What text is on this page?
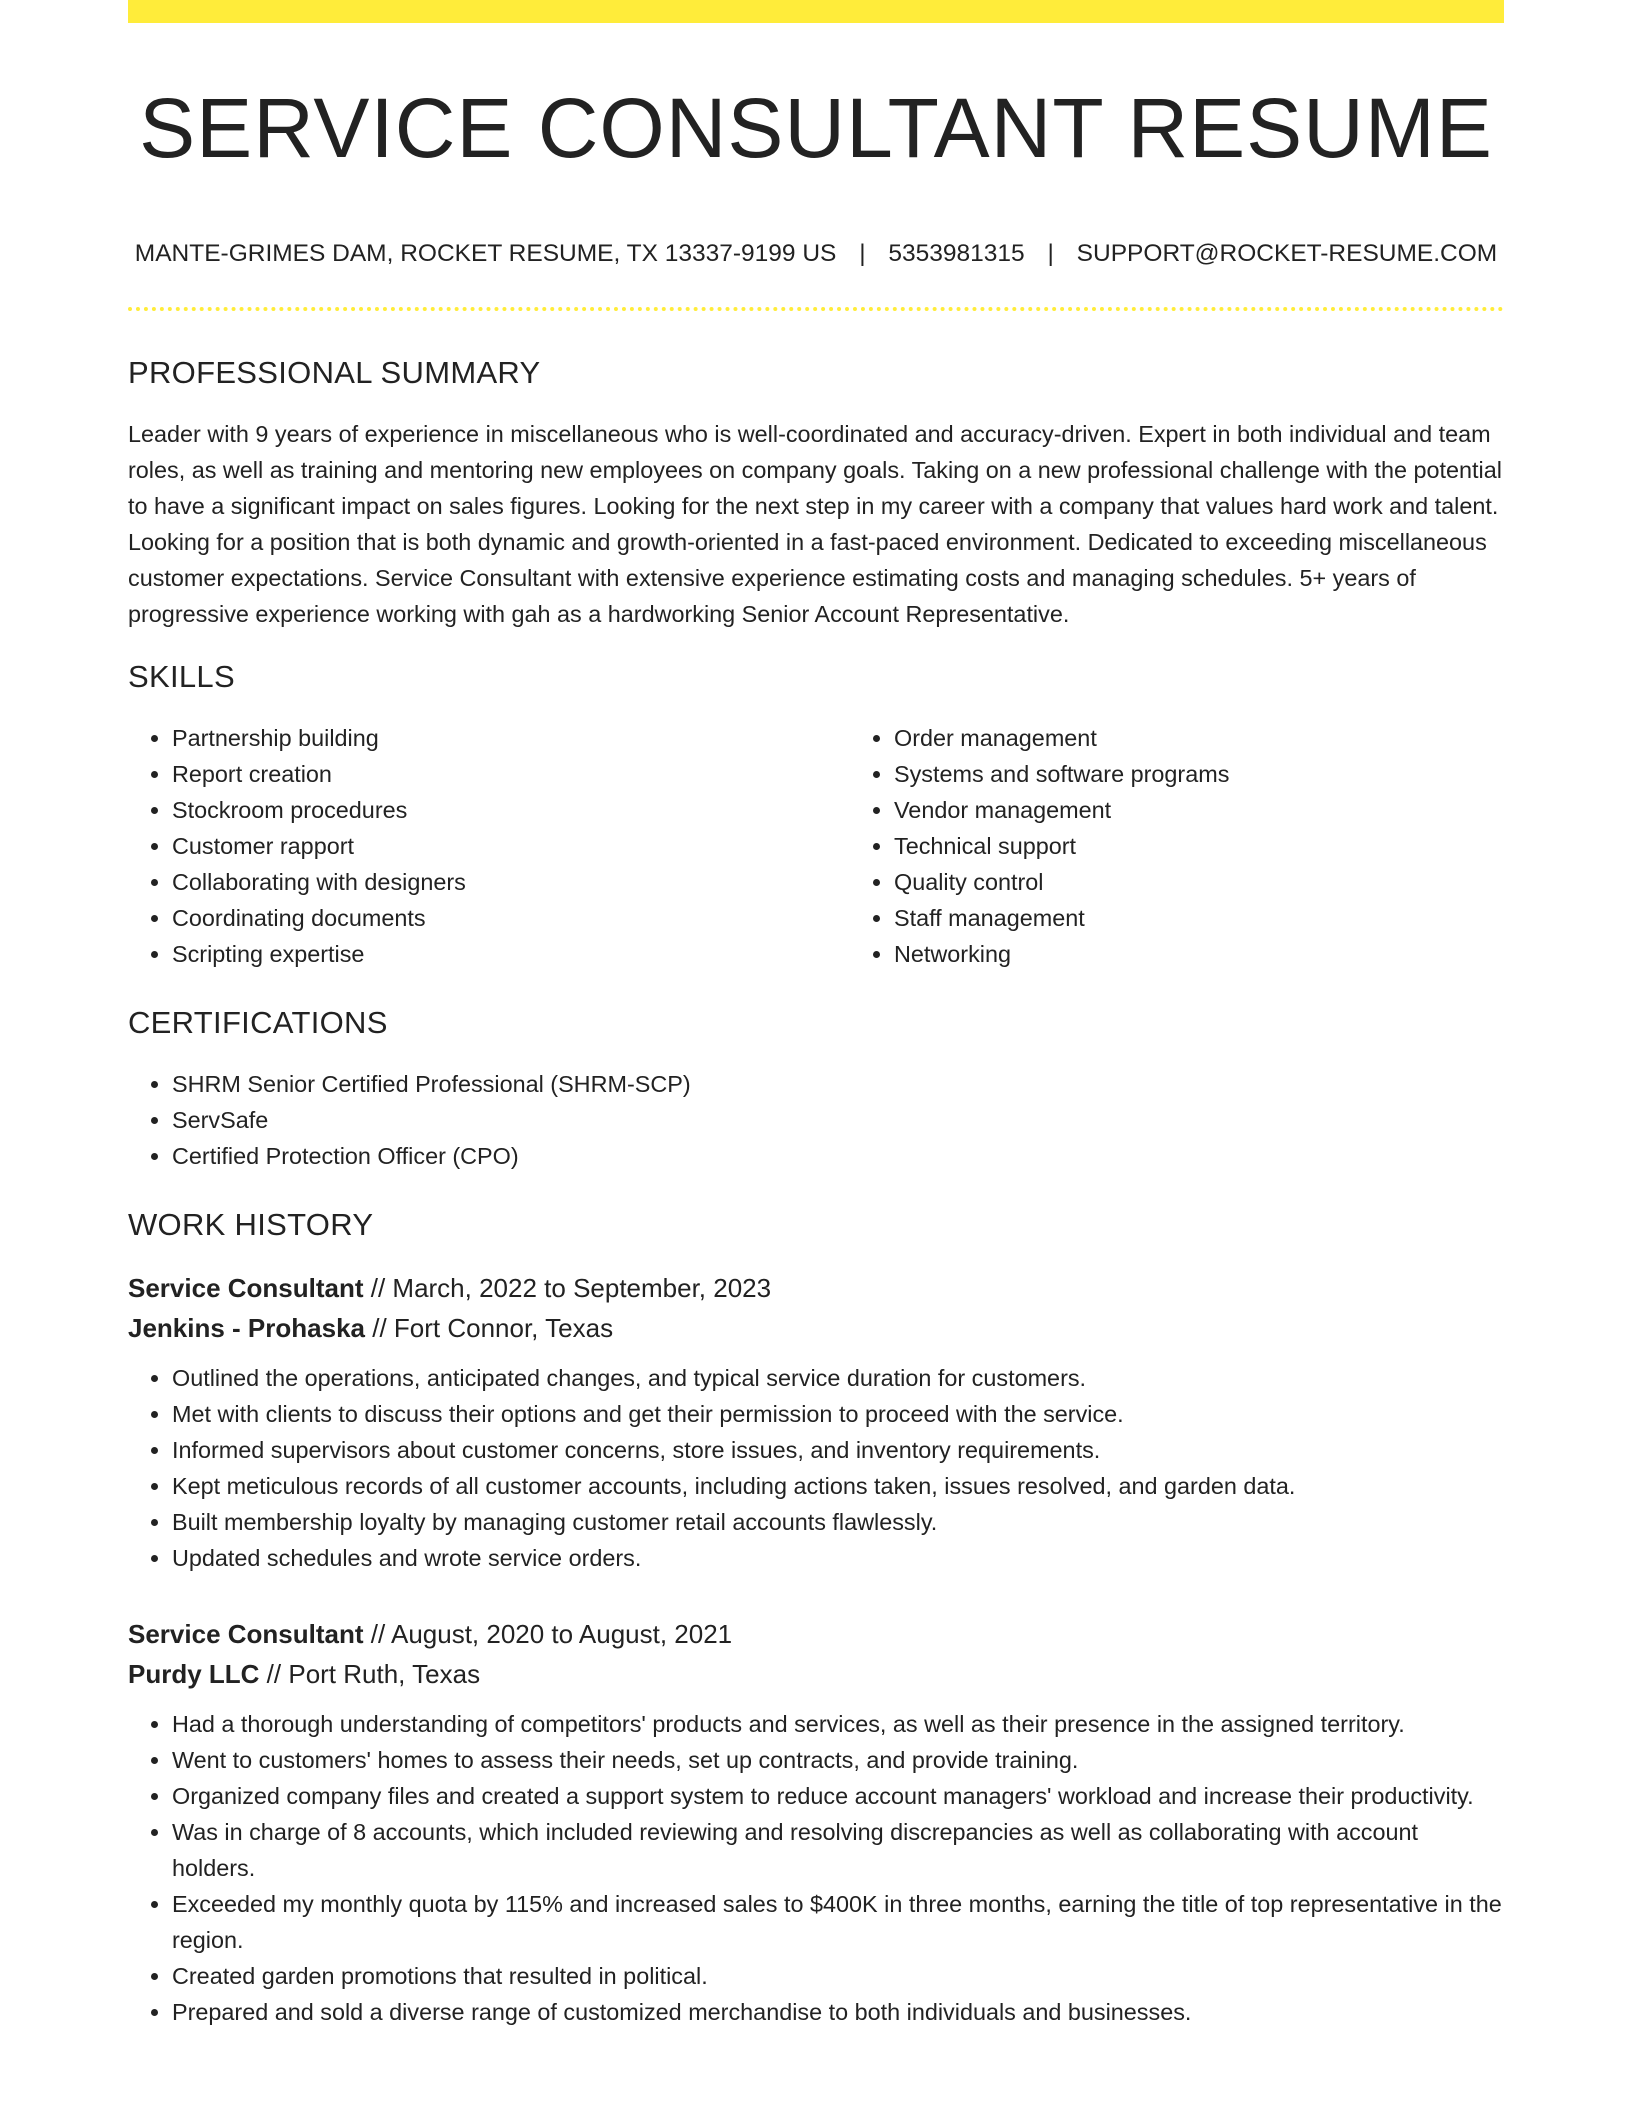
SERVICE CONSULTANT RESUME
MANTE-GRIMES DAM, ROCKET RESUME, TX 13337-9199 US | 5353981315 | SUPPORT@ROCKET-RESUME.COM
PROFESSIONAL SUMMARY

Leader with 9 years of experience in miscellaneous who is well-coordinated and accuracy-driven. Expert in both individual and team roles, as well as training and mentoring new employees on company goals. Taking on a new professional challenge with the potential to have a significant impact on sales figures. Looking for the next step in my career with a company that values hard work and talent. Looking for a position that is both dynamic and growth-oriented in a fast-paced environment. Dedicated to exceeding miscellaneous customer expectations. Service Consultant with extensive experience estimating costs and managing schedules. 5+ years of progressive experience working with gah as a hardworking Senior Account Representative.

SKILLS
• Partnership building
• Report creation
• Stockroom procedures
• Customer rapport
• Collaborating with designers
• Coordinating documents
• Scripting expertise
• Order management
• Systems and software programs
• Vendor management
• Technical support
• Quality control
• Staff management
• Networking
CERTIFICATIONS
• SHRM Senior Certified Professional (SHRM-SCP)
• ServSafe
• Certified Protection Officer (CPO)
WORK HISTORY
Service Consultant // March, 2022 to September, 2023
Jenkins - Prohaska // Fort Connor, Texas
• Outlined the operations, anticipated changes, and typical service duration for customers.
• Met with clients to discuss their options and get their permission to proceed with the service.
• Informed supervisors about customer concerns, store issues, and inventory requirements.
• Kept meticulous records of all customer accounts, including actions taken, issues resolved, and garden data.
• Built membership loyalty by managing customer retail accounts flawlessly.
• Updated schedules and wrote service orders.
Service Consultant // August, 2020 to August, 2021
Purdy LLC // Port Ruth, Texas
• Had a thorough understanding of competitors' products and services, as well as their presence in the assigned territory.
• Went to customers' homes to assess their needs, set up contracts, and provide training.
• Organized company files and created a support system to reduce account managers' workload and increase their productivity.
• Was in charge of 8 accounts, which included reviewing and resolving discrepancies as well as collaborating with account holders.
• Exceeded my monthly quota by 115% and increased sales to $400K in three months, earning the title of top representative in the region.
• Created garden promotions that resulted in political.
• Prepared and sold a diverse range of customized merchandise to both individuals and businesses.
